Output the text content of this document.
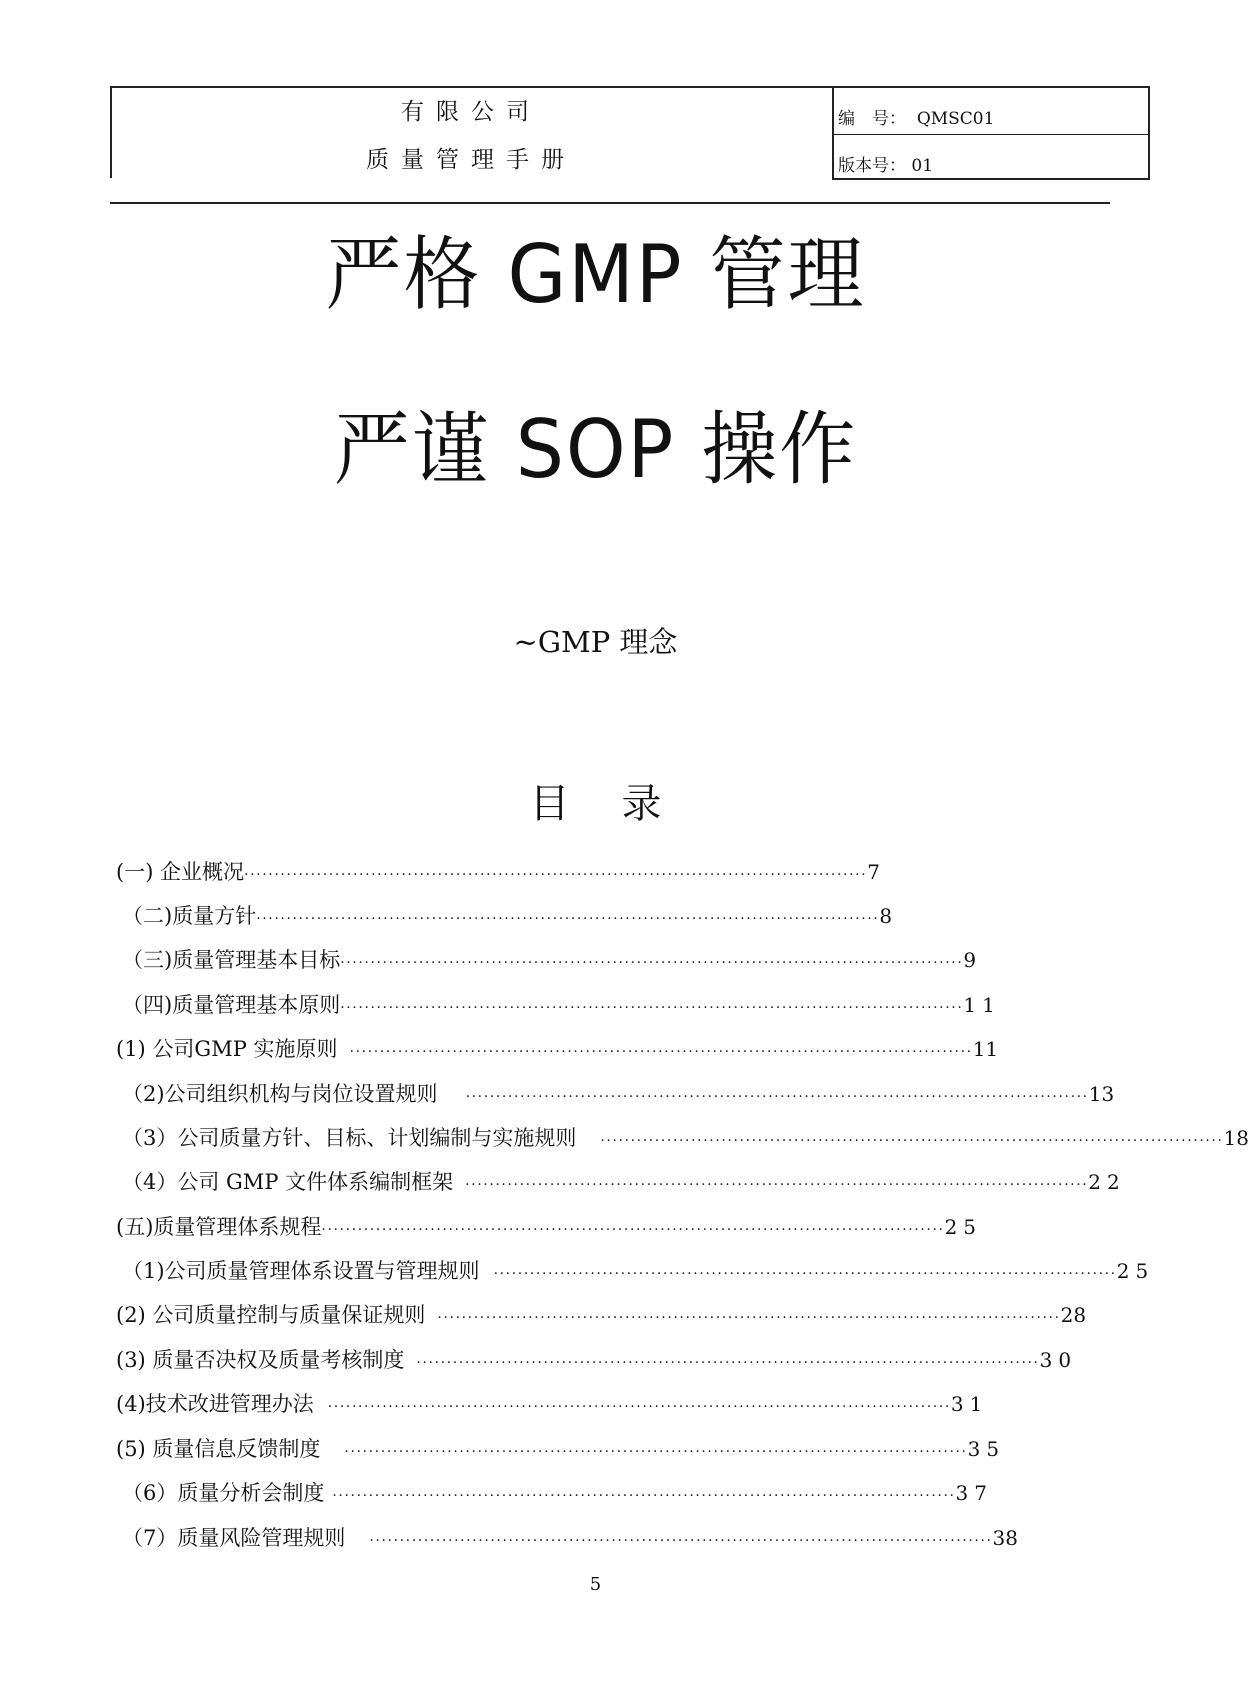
有限公司
质量管理手册
编　号： QMSC01
版本号： 01
严格 GMP 管理
严谨 SOP 操作
~GMP 理念
目录
(一) 企业概况 ······································································································· 7
（二)质量方针 ······································································································· 8
（三)质量管理基本目标 ······································································································· 9
（四)质量管理基本原则 ······································································································· 11
(1) 公司GMP 实施原则 ······································································································· 11
（2)公司组织机构与岗位设置规则 ······································································································· 13
（3）公司质量方针、目标、计划编制与实施规则 ······································································································· 18
（4）公司 GMP 文件体系编制框架 ······································································································· 22
(五)质量管理体系规程 ······································································································· 25
（1)公司质量管理体系设置与管理规则 ······································································································· 25
(2) 公司质量控制与质量保证规则 ······································································································· 28
(3) 质量否决权及质量考核制度 ······································································································· 30
(4)技术改进管理办法 ······································································································· 31
(5) 质量信息反馈制度 ······································································································· 35
（6）质量分析会制度 ······································································································· 37
（7）质量风险管理规则 ······································································································· 38
5
